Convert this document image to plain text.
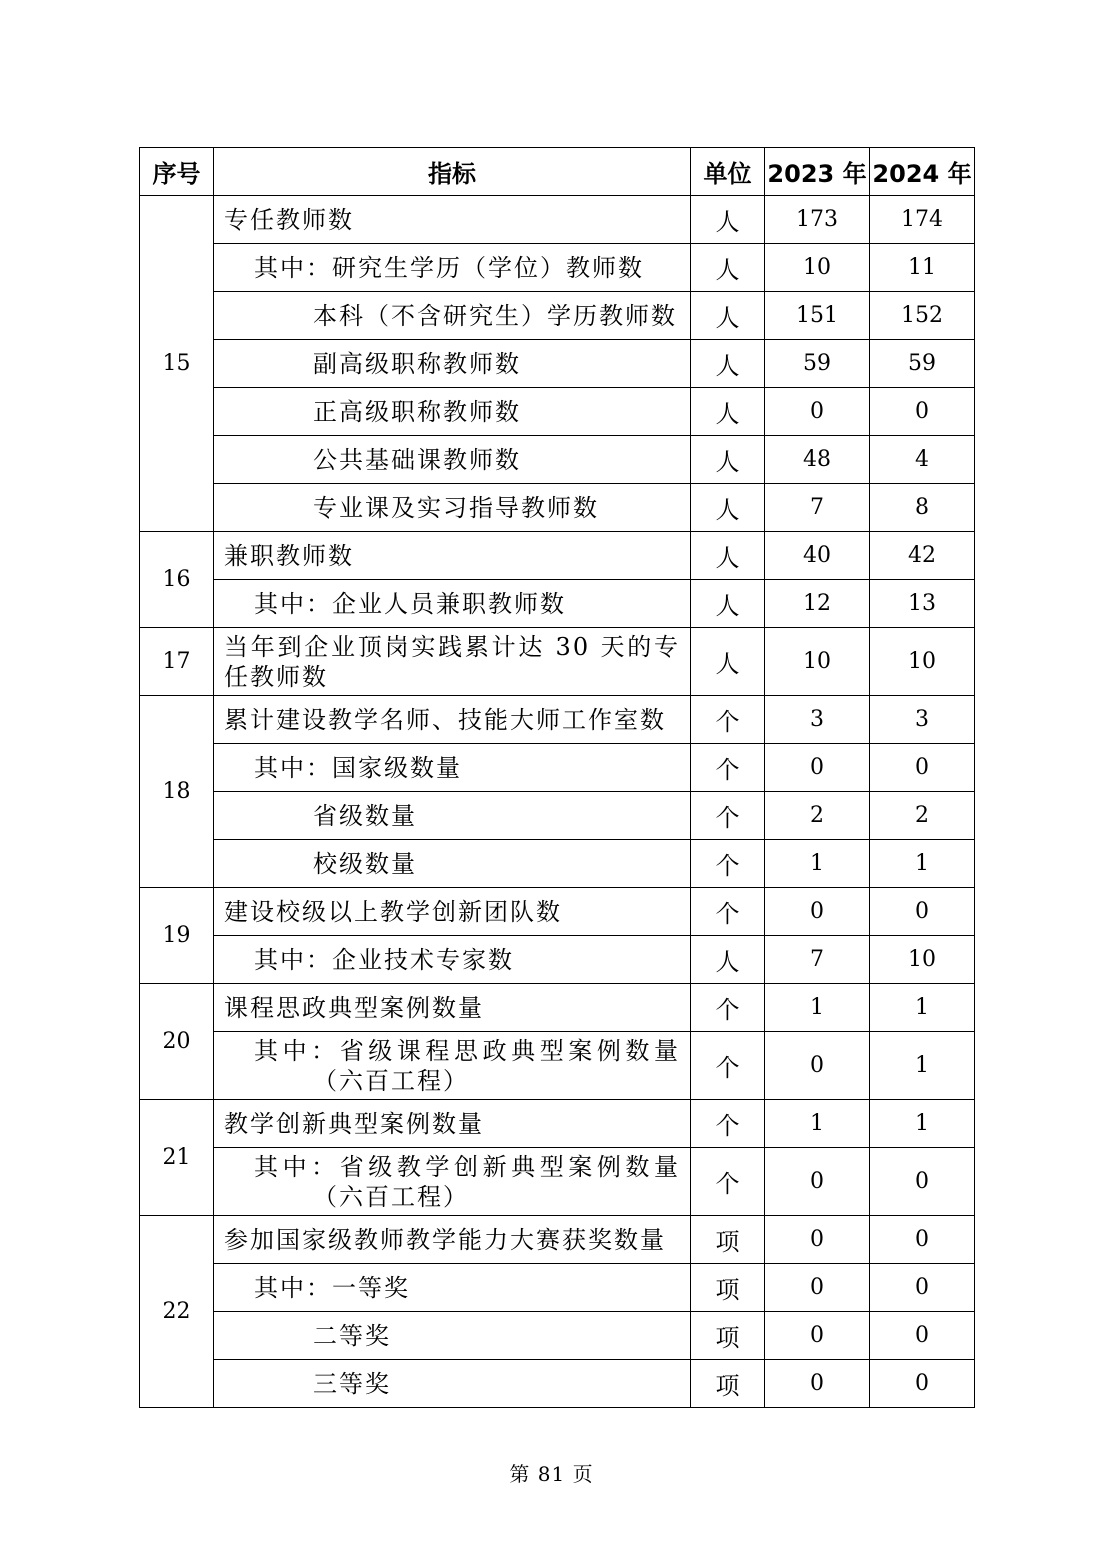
序号	指标	单位	2023 年	2024 年
15	专任教师数	人	173	174
	其中：研究生学历（学位）教师数	人	10	11
	本科（不含研究生）学历教师数	人	151	152
	副高级职称教师数	人	59	59
	正高级职称教师数	人	0	0
	公共基础课教师数	人	48	4
	专业课及实习指导教师数	人	7	8
16	兼职教师数	人	40	42
	其中：企业人员兼职教师数	人	12	13
17	当年到企业顶岗实践累计达 30 天的专任教师数	人	10	10
18	累计建设教学名师、技能大师工作室数	个	3	3
	其中：国家级数量	个	0	0
	省级数量	个	2	2
	校级数量	个	1	1
19	建设校级以上教学创新团队数	个	0	0
	其中：企业技术专家数	人	7	10
20	课程思政典型案例数量	个	1	1
	其中：省级课程思政典型案例数量（六百工程）	个	0	1
21	教学创新典型案例数量	个	1	1
	其中：省级教学创新典型案例数量（六百工程）	个	0	0
22	参加国家级教师教学能力大赛获奖数量	项	0	0
	其中：一等奖	项	0	0
	二等奖	项	0	0
	三等奖	项	0	0
第 81 页
